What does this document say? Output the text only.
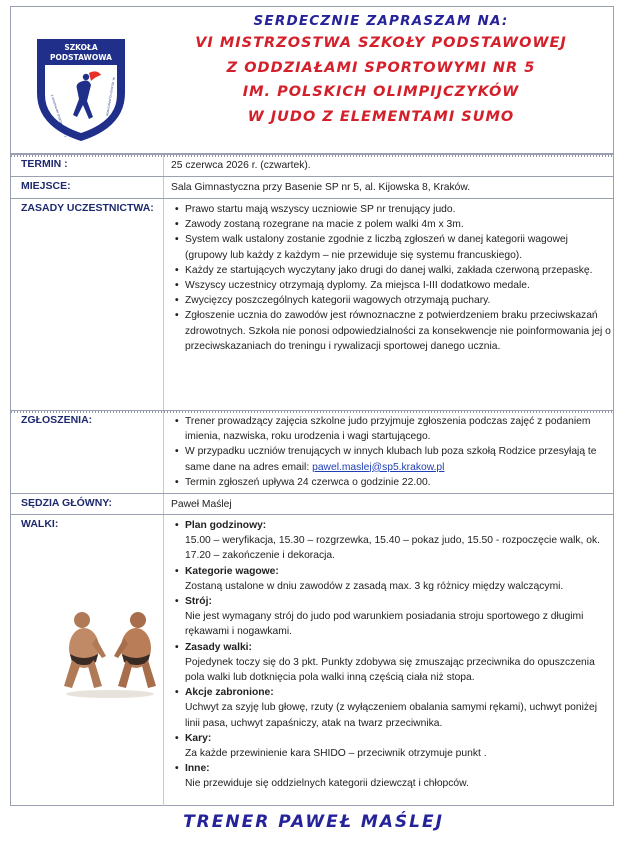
SZKOŁA
PODSTAWOWA
Z ODDZIAŁAMI SPORTOWYMI NR 5	IM. POLSKICH OLIMPIJCZYKÓW
SERDECZNIE ZAPRASZAM NA:
VI MISTRZOSTWA SZKOŁY PODSTAWOWEJ
Z ODDZIAŁAMI SPORTOWYMI NR 5
IM. POLSKICH OLIMPIJCZYKÓW
W JUDO Z ELEMENTAMI SUMO
TERMIN :	25 czerwca 2026 r. (czwartek).
MIEJSCE:	Sala Gimnastyczna przy Basenie SP nr 5, al. Kijowska 8, Kraków.
ZASADY UCZESTNICTWA:	• Prawo startu mają wszyscy uczniowie SP nr trenujący judo.
• Zawody zostaną rozegrane na macie z polem walki 4m x 3m.
• System walk ustalony zostanie zgodnie z liczbą zgłoszeń w danej kategorii wagowej (grupowy lub każdy z każdym – nie przewiduje się systemu francuskiego).
• Każdy ze startujących wyczytany jako drugi do danej walki, zakłada czerwoną przepaskę.
• Wszyscy uczestnicy otrzymają dyplomy. Za miejsca I-III dodatkowo medale.
• Zwycięzcy poszczególnych kategorii wagowych otrzymają puchary.
• Zgłoszenie ucznia do zawodów jest równoznaczne z potwierdzeniem braku przeciwskazań zdrowotnych. Szkoła nie ponosi odpowiedzialności za konsekwencje nie poinformowania jej o przeciwskazaniach do treningu i rywalizacji sportowej danego ucznia.
ZGŁOSZENIA:	• Trener prowadzący zajęcia szkolne judo przyjmuje zgłoszenia podczas zajęć z podaniem imienia, nazwiska, roku urodzenia i wagi startującego.
• W przypadku uczniów trenujących w innych klubach lub poza szkołą Rodzice przesyłają te same dane na adres email: pawel.maslej@sp5.krakow.pl
• Termin zgłoszeń upływa 24 czerwca o godzinie 22.00.
SĘDZIA GŁÓWNY:	Paweł Maślej
WALKI:	• Plan godzinowy:
15.00 – weryfikacja, 15.30 – rozgrzewka, 15.40 – pokaz judo, 15.50 - rozpoczęcie walk, ok. 17.20 – zakończenie i dekoracja.
• Kategorie wagowe:
Zostaną ustalone w dniu zawodów z zasadą max. 3 kg różnicy między walczącymi.
• Strój:
Nie jest wymagany strój do judo pod warunkiem posiadania stroju sportowego z długimi rękawami i nogawkami.
• Zasady walki:
Pojedynek toczy się do 3 pkt. Punkty zdobywa się zmuszając przeciwnika do opuszczenia pola walki lub dotknięcia pola walki inną częścią ciała niż stopa.
• Akcje zabronione:
Uchwyt za szyję lub głowę, rzuty (z wyłączeniem obalania samymi rękami), uchwyt poniżej linii pasa, uchwyt zapaśniczy, atak na twarz przeciwnika.
• Kary:
Za każde przewinienie kara SHIDO – przeciwnik otrzymuje punkt .
• Inne:
Nie przewiduje się oddzielnych kategorii dziewcząt i chłopców.
TRENER PAWEŁ MAŚLEJ
